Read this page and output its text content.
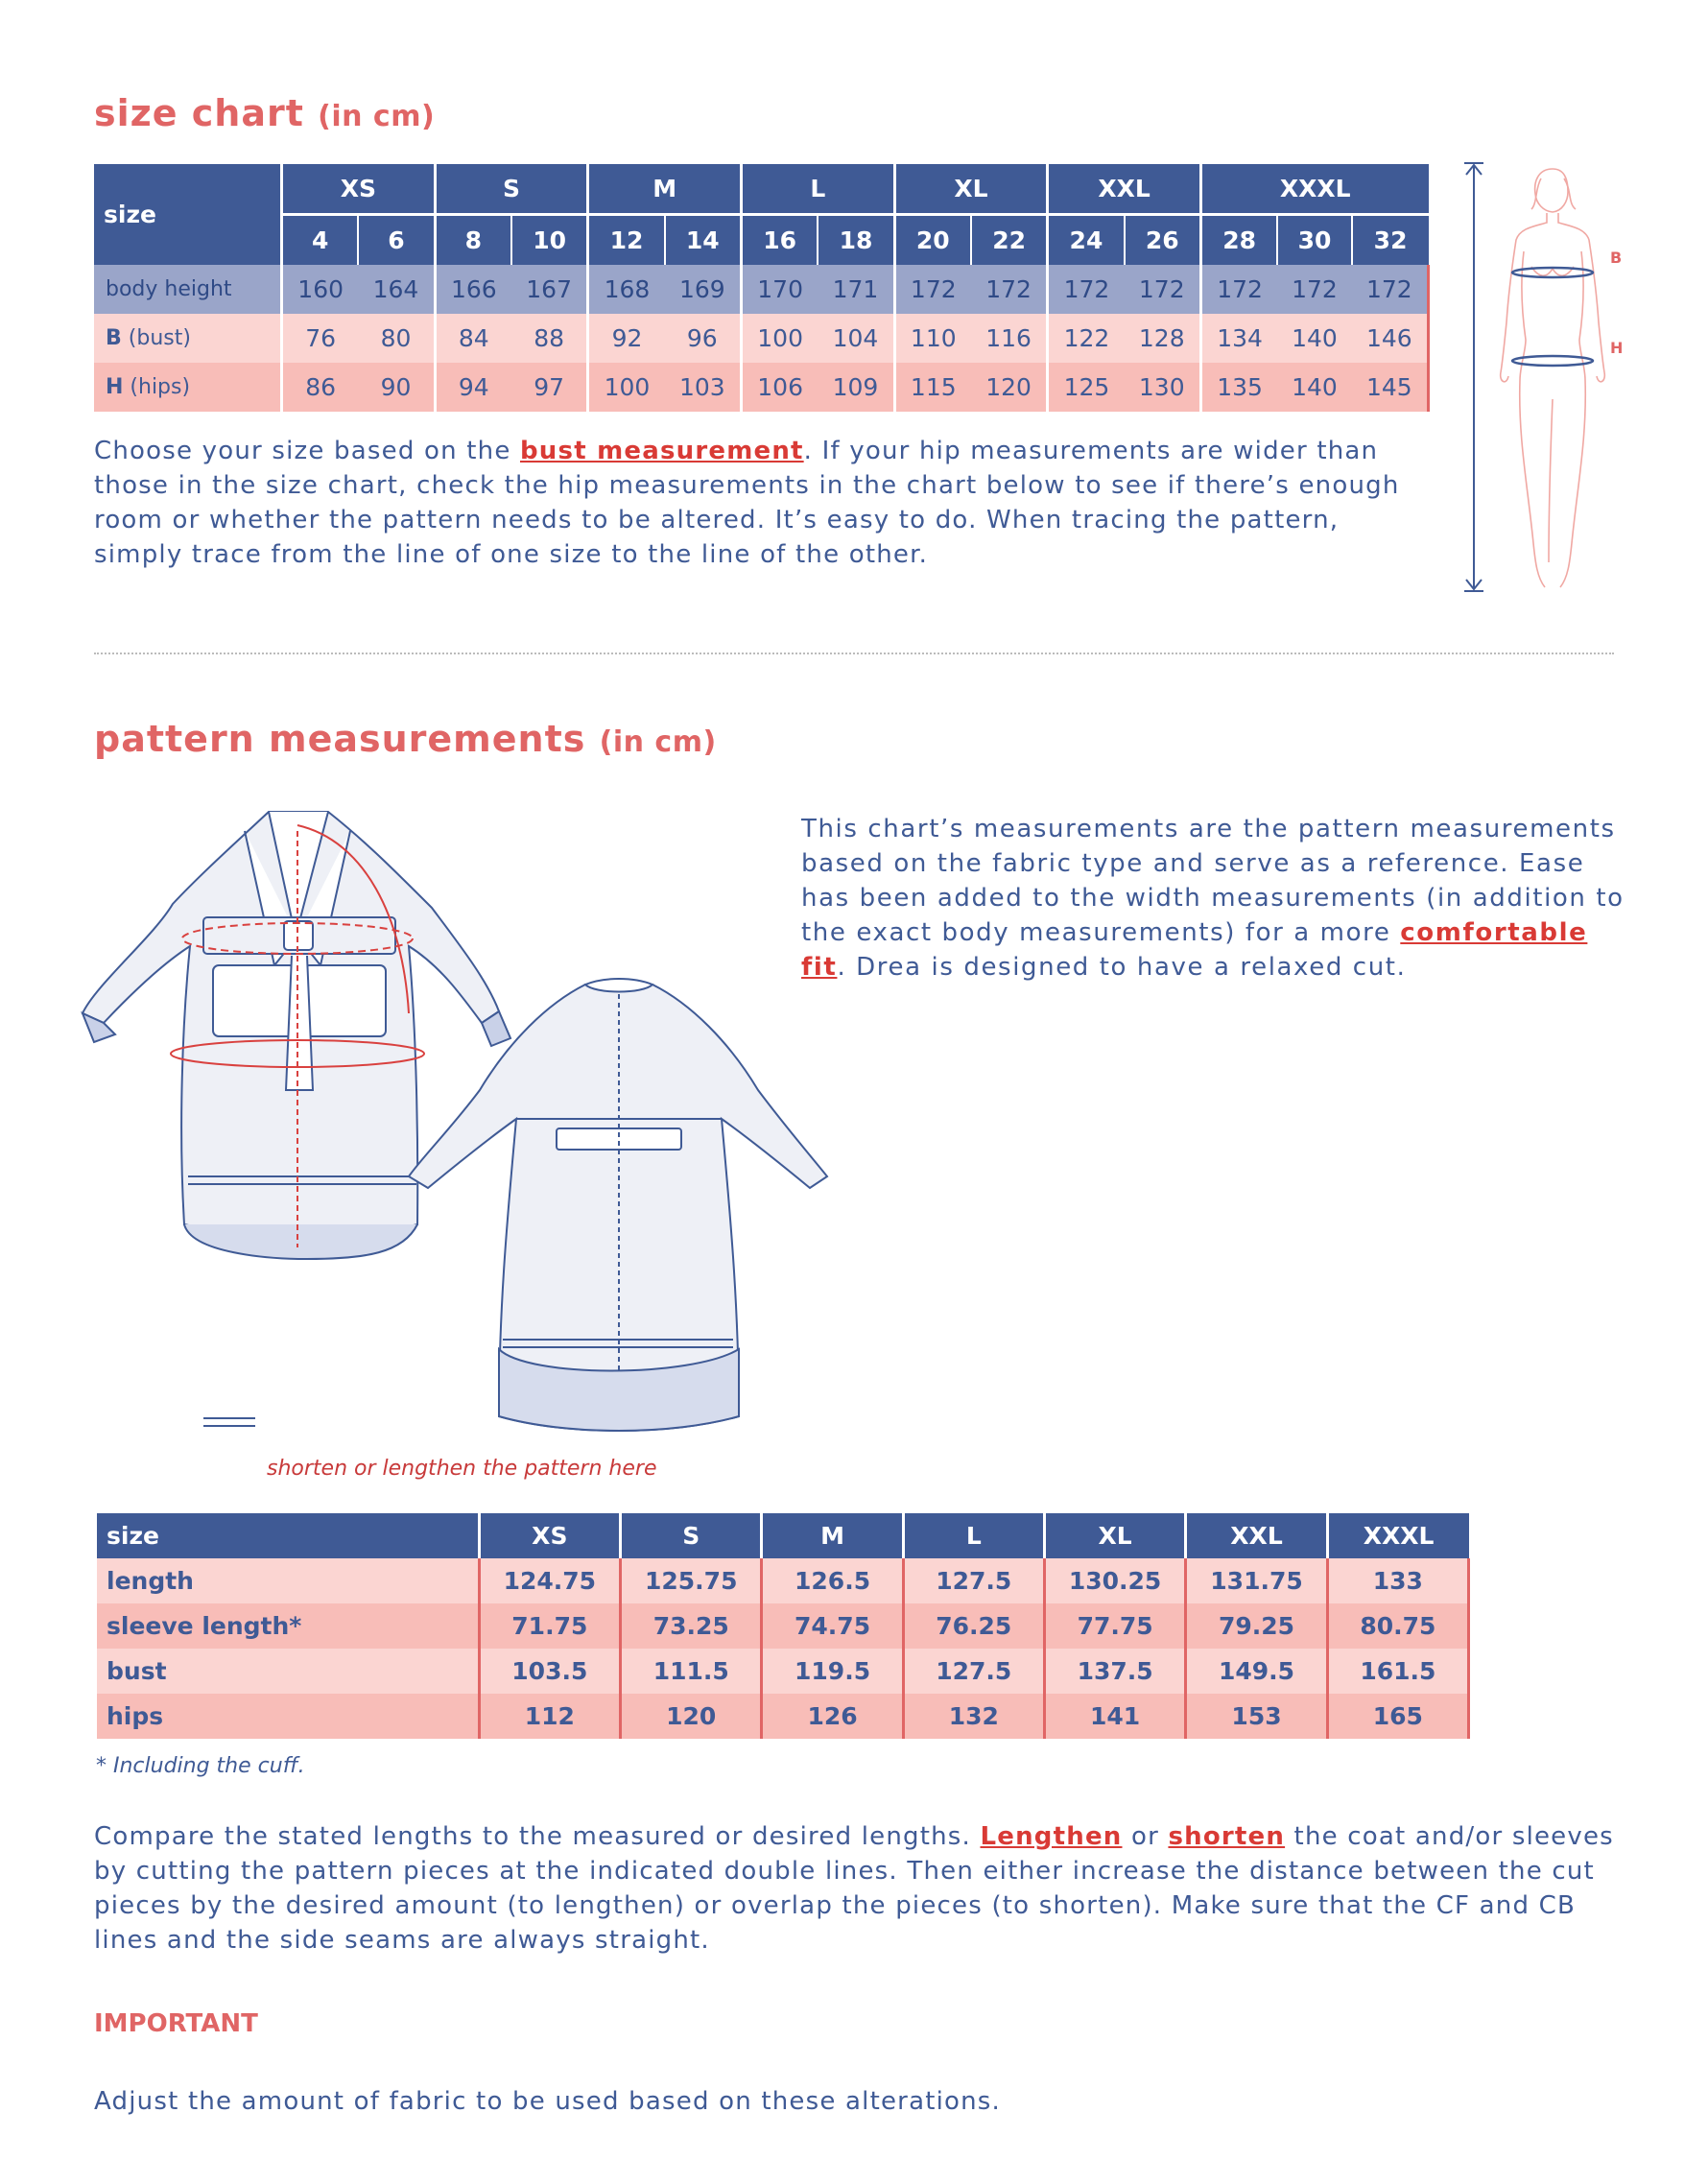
size chart (in cm)
size	XS		S		M		L		XL		XXL		XXXL		
	4	6	8	10	12	14	16	18	20	22	24	26	28	30	32
body height	160	164	166	167	168	169	170	171	172	172	172	172	172	172	172
B (bust)	76	80	84	88	92	96	100	104	110	116	122	128	134	140	146
H (hips)	86	90	94	97	100	103	106	109	115	120	125	130	135	140	145
Choose your size based on the bust measurement. If your hip measurements are wider than those in the size chart, check the hip measurements in the chart below to see if there’s enough room or whether the pattern needs to be altered. It’s easy to do. When tracing the pattern, simply trace from the line of one size to the line of the other.
B
H
pattern measurements (in cm)
This chart’s measurements are the pattern measurements based on the fabric type and serve as a reference. Ease has been added to the width measurements (in addition to the exact body measurements) for a more comfortable fit. Drea is designed to have a relaxed cut.
shorten or lengthen the pattern here
size	XS	S	M	L	XL	XXL	XXXL
length	124.75	125.75	126.5	127.5	130.25	131.75	133
sleeve length*	71.75	73.25	74.75	76.25	77.75	79.25	80.75
bust	103.5	111.5	119.5	127.5	137.5	149.5	161.5
hips	112	120	126	132	141	153	165
* Including the cuff.
Compare the stated lengths to the measured or desired lengths. Lengthen or shorten the coat and/or sleeves by cutting the pattern pieces at the indicated double lines. Then either increase the distance between the cut pieces by the desired amount (to lengthen) or overlap the pieces (to shorten). Make sure that the CF and CB lines and the side seams are always straight.
IMPORTANT
Adjust the amount of fabric to be used based on these alterations.
